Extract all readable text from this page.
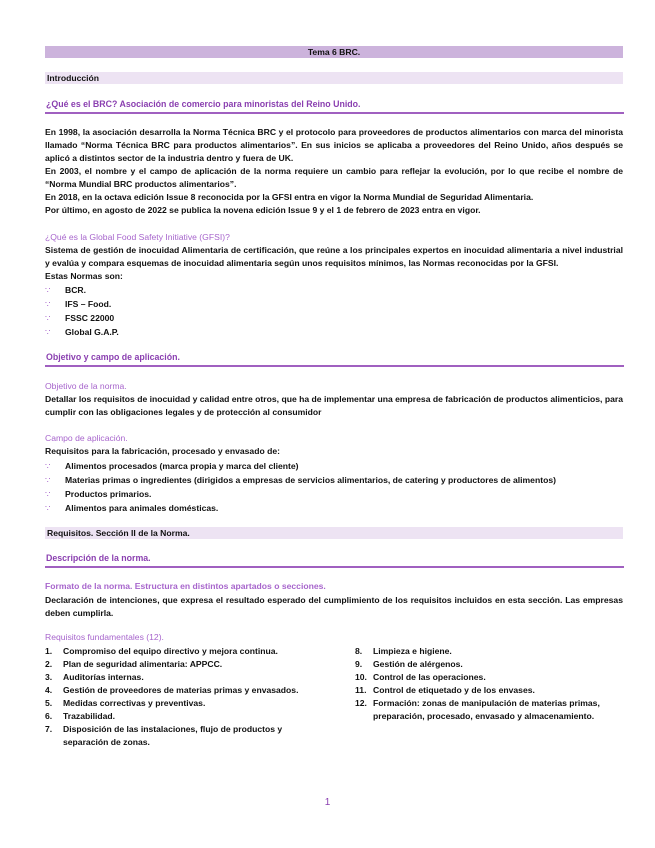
Tema 6 BRC.
Introducción
¿Qué es el BRC? Asociación de comercio para minoristas del Reino Unido.
En 1998, la asociación desarrolla la Norma Técnica BRC y el protocolo para proveedores de productos alimentarios con marca del minorista llamado “Norma Técnica BRC para productos alimentarios”. En sus inicios se aplicaba a proveedores del Reino Unido, años después se aplicó a distintos sector de la industria dentro y fuera de UK.
En 2003, el nombre y el campo de aplicación de la norma requiere un cambio para reflejar la evolución, por lo que recibe el nombre de “Norma Mundial BRC productos alimentarios”.
En 2018, en la octava edición Issue 8 reconocida por la GFSI entra en vigor la Norma Mundial de Seguridad Alimentaria.
Por último, en agosto de 2022 se publica la novena edición Issue 9 y el 1 de febrero de 2023 entra en vigor.
¿Qué es la Global Food Safety Initiative (GFSI)?
Sistema de gestión de inocuidad Alimentaria de certificación, que reúne a los principales expertos en inocuidad alimentaria a nivel industrial y evalúa y compara esquemas de inocuidad alimentaria según unos requisitos mínimos, las Normas reconocidas por la GFSI.
Estas Normas son:
∵	BCR.
∵	IFS – Food.
∵	FSSC 22000
∵	Global G.A.P.
Objetivo y campo de aplicación.
Objetivo de la norma.
Detallar los requisitos de inocuidad y calidad entre otros, que ha de implementar una empresa de fabricación de productos alimenticios, para cumplir con las obligaciones legales y de protección al consumidor
Campo de aplicación.
Requisitos para la fabricación, procesado y envasado de:
∵	Alimentos procesados (marca propia y marca del cliente)
∵	Materias primas o ingredientes (dirigidos a empresas de servicios alimentarios, de catering y productores de alimentos)
∵	Productos primarios.
∵	Alimentos para animales domésticas.
Requisitos. Sección II de la Norma.
Descripción de la norma.
Formato de la norma. Estructura en distintos apartados o secciones.
Declaración de intenciones, que expresa el resultado esperado del cumplimiento de los requisitos incluidos en esta sección. Las empresas deben cumplirla.
Requisitos fundamentales (12).
1.	Compromiso del equipo directivo y mejora continua.
2.	Plan de seguridad alimentaria: APPCC.
3.	Auditorías internas.
4.	Gestión de proveedores de materias primas y envasados.
5.	Medidas correctivas y preventivas.
6.	Trazabilidad.
7.	Disposición de las instalaciones, flujo de productos y separación de zonas.
8.	Limpieza e higiene.
9.	Gestión de alérgenos.
10. Control de las operaciones.
11. Control de etiquetado y de los envases.
12. Formación: zonas de manipulación de materias primas, preparación, procesado, envasado y almacenamiento.
1
